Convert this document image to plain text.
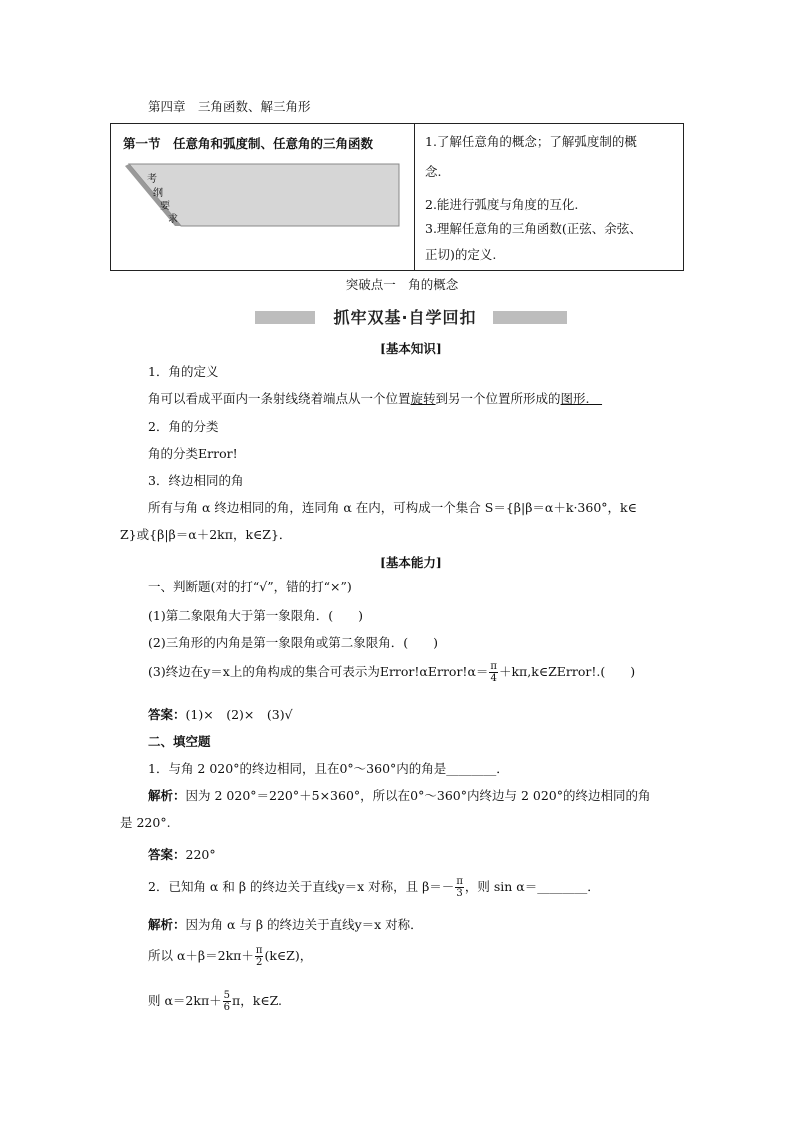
第四章　三角函数、解三角形
第一节　任意角和弧度制、任意角的三角函数
考
纲
要
求
1.了解任意角的概念；了解弧度制的概
念.
2.能进行弧度与角度的互化.
3.理解任意角的三角函数(正弦、余弦、
正切)的定义.
突破点一　角的概念
抓牢双基·自学回扣
[基本知识]
1．角的定义
角可以看成平面内一条射线绕着端点从一个位置旋转到另一个位置所形成的图形.　
2．角的分类
角的分类Error!
3．终边相同的角
所有与角 α 终边相同的角，连同角 α 在内，可构成一个集合 S＝{β|β＝α＋k·360°，k∈
Z}或{β|β＝α＋2kπ，k∈Z}．
[基本能力]
一、判断题(对的打“√”，错的打“×”)
(1)第二象限角大于第一象限角．(　　)
(2)三角形的内角是第一象限角或第二象限角．(　　)
(3)终边在y＝x上的角构成的集合可表示为Error!αError!α＝ $\frac{\pi}{4}$ ＋kπ,k∈ZError!.(　　)
答案：(1)×　(2)×　(3)√
二、填空题
1．与角 2 020°的终边相同，且在0°～360°内的角是________．
解析：因为 2 020°＝220°＋5×360°，所以在0°～360°内终边与 2 020°的终边相同的角
是 220°.
答案：220°
2．已知角 α 和 β 的终边关于直线y＝x 对称，且 $\beta=- \frac{\pi}{3}$ ，则 sin α＝________．
解析：因为角 α 与 β 的终边关于直线y＝x 对称．
所以 $\alpha+\beta=2k\pi+ \frac{\pi}{2}$ (k∈Z)，
则 $\alpha=2k\pi+ \frac{5}{6}$ π，k∈Z.
